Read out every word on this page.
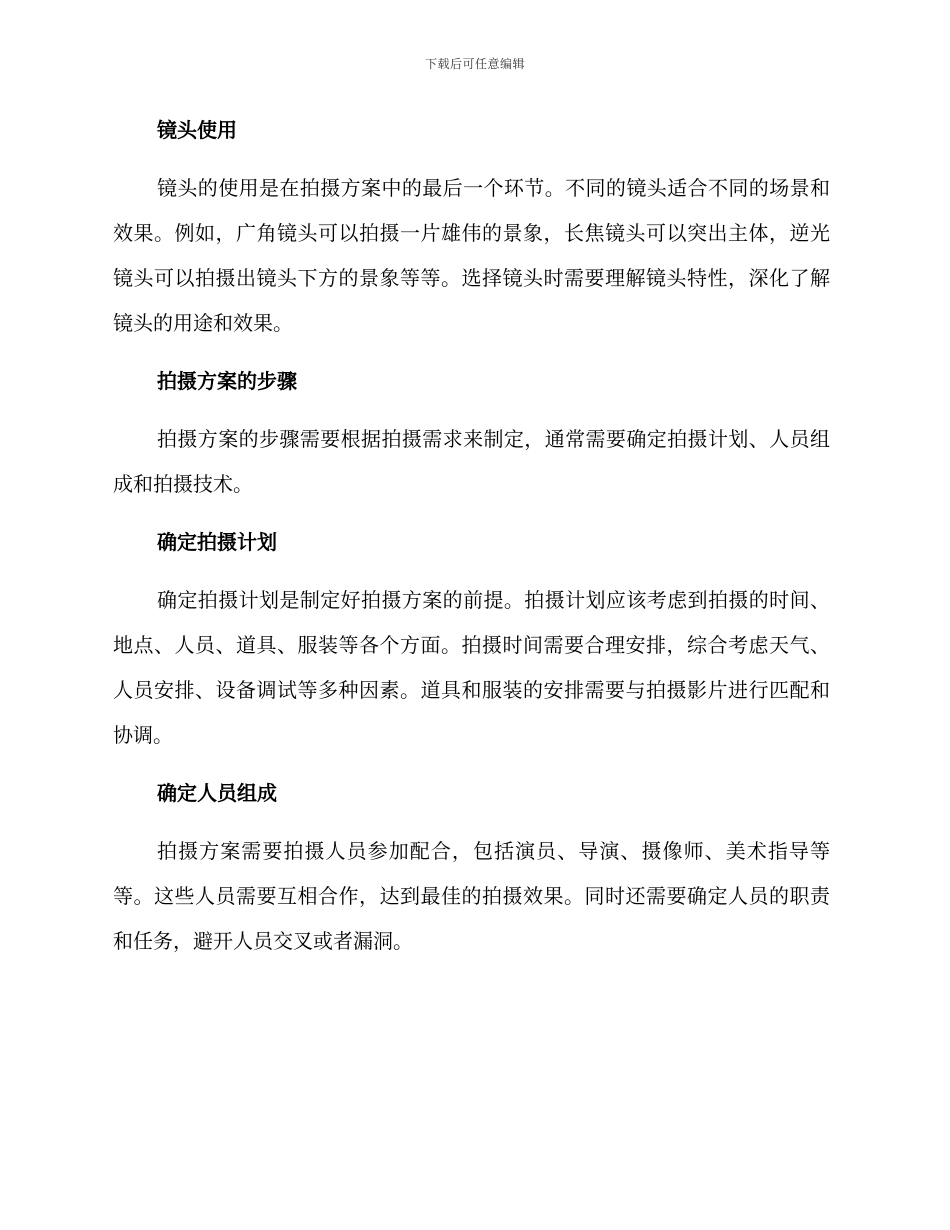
下载后可任意编辑
镜头使用

镜头的使用是在拍摄方案中的最后一个环节。不同的镜头适合不同的场景和效果。例如，广角镜头可以拍摄一片雄伟的景象，长焦镜头可以突出主体，逆光镜头可以拍摄出镜头下方的景象等等。选择镜头时需要理解镜头特性，深化了解镜头的用途和效果。

拍摄方案的步骤

拍摄方案的步骤需要根据拍摄需求来制定，通常需要确定拍摄计划、人员组成和拍摄技术。

确定拍摄计划

确定拍摄计划是制定好拍摄方案的前提。拍摄计划应该考虑到拍摄的时间、地点、人员、道具、服装等各个方面。拍摄时间需要合理安排，综合考虑天气、人员安排、设备调试等多种因素。道具和服装的安排需要与拍摄影片进行匹配和协调。

确定人员组成

拍摄方案需要拍摄人员参加配合，包括演员、导演、摄像师、美术指导等等。这些人员需要互相合作，达到最佳的拍摄效果。同时还需要确定人员的职责和任务，避开人员交叉或者漏洞。
